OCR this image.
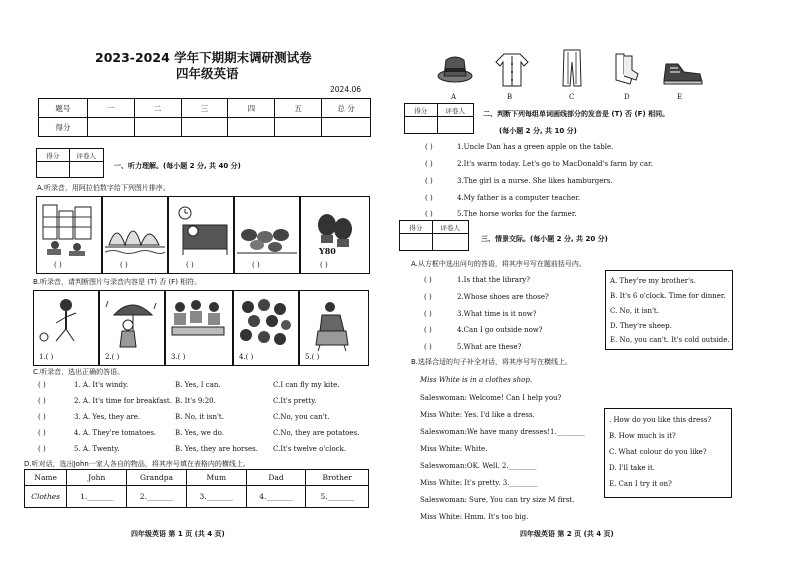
2023-2024 学年下期期末调研测试卷
四年级英语
2024.06
题号	一	二	三	四	五	总 分
得分						
得分	评卷人

一、听力理解。(每小题 2 分, 共 40 分)
A.听录音，用阿拉伯数字给下列图片排序。
( )	( )	( )	( )
Y80
( )
B.听录音，请判断图片与录音内容是 (T) 否 (F) 相符。
1.( )	2.( )	3.( )	4.( )	5.( )
C.听录音，选出正确的答语。
( )	1. A. It's windy.	B. Yes, I can.	C.I can fly my kite.
( )	2. A. It's time for breakfast. B. It's 9:20.	C.It's pretty.
( )	3. A. Yes, they are.	B. No, it isn't.	C.No, you can't.
( )	4. A. They're tomatoes.	B. Yes, we do.	C.No, they are potatoes.
( )	5. A. Twenty.	B. Yes, they are horses. C.It's twelve o'clock.
D.听对话，选出John一家人各自的物品，将其序号填在表格内的横线上。
Name	John	Grandpa	Mum	Dad	Brother
Clothes	1._______	2._______	3._______	4._______	5._______
四年级英语 第 1 页 (共 4 页)
A	B	C	D	E
得分	评卷人
		二、判断下列每组单词画线部分的发音是 (T) 否 (F) 相同。
(每小题 2 分, 共 10 分)
( )	1.Uncle Dan has a green apple on the table.
( )	2.It's warm today. Let's go to MacDonald's farm by car.
( )	3.The girl is a nurse. She likes hamburgers.
( )	4.My father is a computer teacher.
( )	5.The horse works for the farmer.
得分	评卷人

三、情景交际。(每小题 2 分, 共 20 分)
A.从方框中选出问句的答语，将其序号写在题前括号内。
( )	1.Is that the library?
( )	2.Whose shoes are those?
( )	3.What time is it now?
( )	4.Can I go outside now?
( )	5.What are these?
A. They're my brother's.
B. It's 6 o'clock. Time for dinner.
C. No, it isn't.
D. They're sheep.
E. No, you can't. It's cold outside.
B.选择合适的句子补全对话，将其序号写在横线上。
Miss White is in a clothes shop.
Saleswoman: Welcome! Can I help you?
Miss White: Yes. I'd like a dress.
Saleswoman:We have many dresses!1.________
Miss White: White.
Saleswoman:OK. Well. 2.________
Miss White: It's pretty. 3.________
Saleswoman: Sure, You can try size M first.
Miss White: Hmm. It's too big.
. How do you like this dress?
B. How much is it?
C. What colour do you like?
D. I'll take it.
E. Can I try it on?
四年级英语 第 2 页 (共 4 页)
